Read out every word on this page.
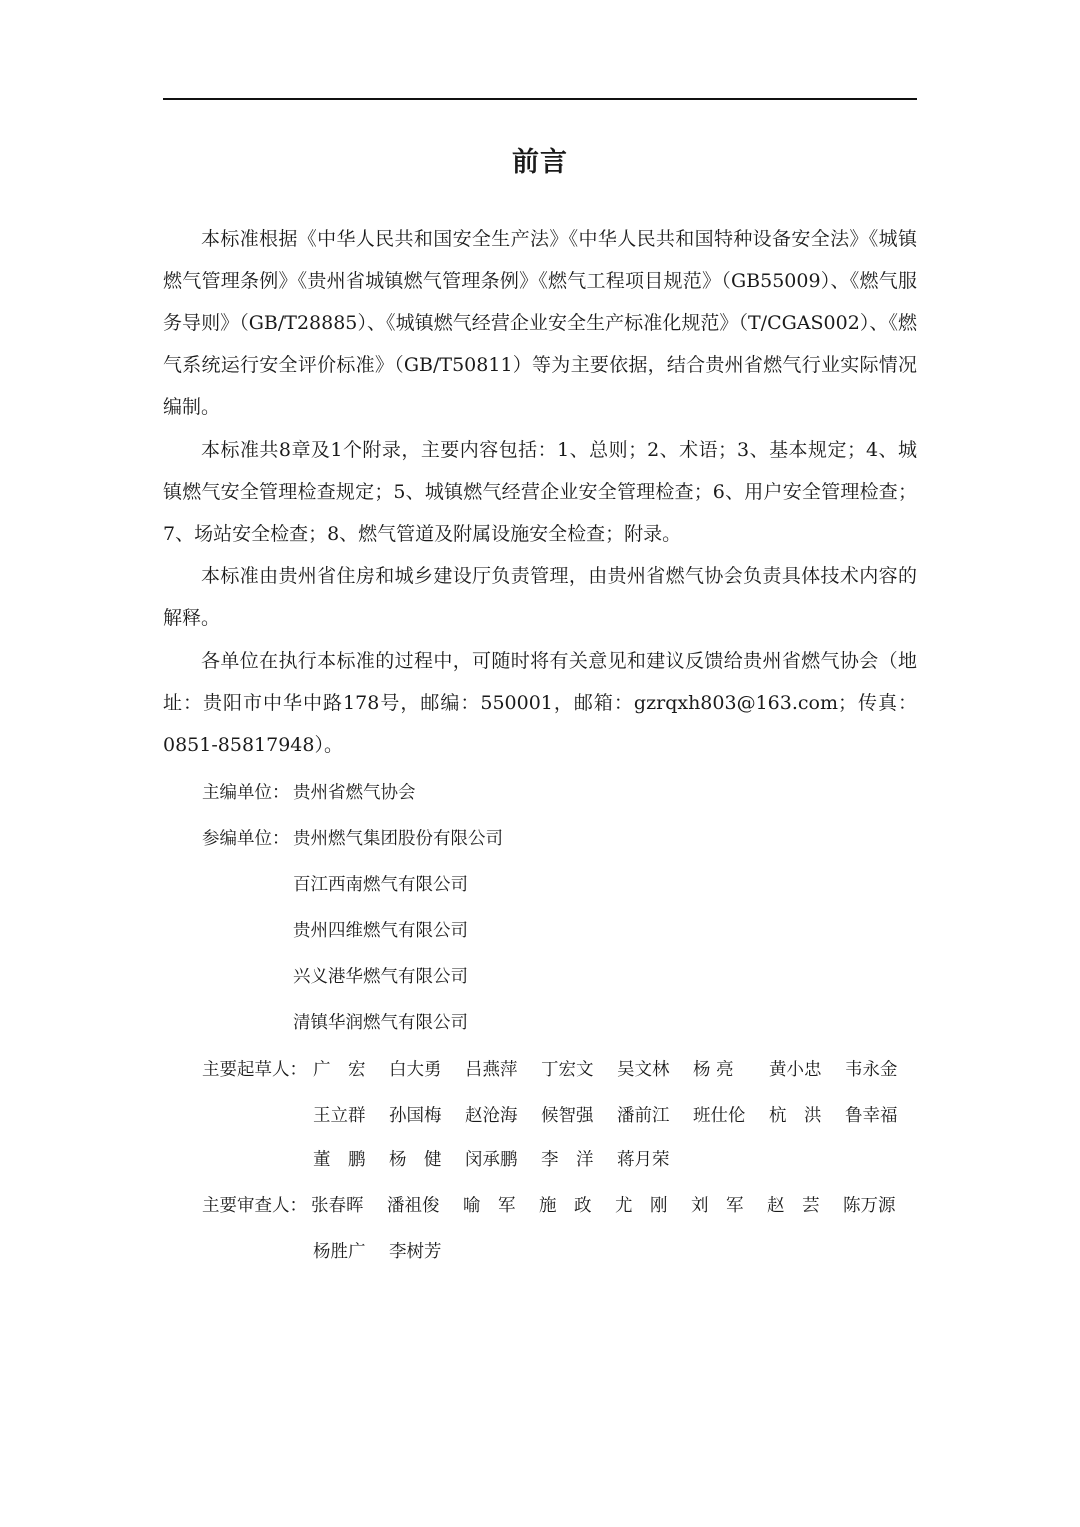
前言

本标准根据《中华人民共和国安全生产法》《中华人民共和国特种设备安全法》《城镇燃气管理条例》《贵州省城镇燃气管理条例》《燃气工程项目规范》（GB55009）、《燃气服务导则》（GB/T28885）、《城镇燃气经营企业安全生产标准化规范》（T/CGAS002）、《燃气系统运行安全评价标准》（GB/T50811）等为主要依据，结合贵州省燃气行业实际情况编制。

本标准共8章及1个附录，主要内容包括：1、总则；2、术语；3、基本规定；4、城镇燃气安全管理检查规定；5、城镇燃气经营企业安全管理检查；6、用户安全管理检查；7、场站安全检查；8、燃气管道及附属设施安全检查；附录。

本标准由贵州省住房和城乡建设厅负责管理，由贵州省燃气协会负责具体技术内容的解释。

各单位在执行本标准的过程中，可随时将有关意见和建议反馈给贵州省燃气协会（地址：贵阳市中华中路178号，邮编：550001，邮箱：gzrqxh803@163.com；传真：0851-85817948）。

主编单位： 贵州省燃气协会
参编单位： 贵州燃气集团股份有限公司
百江西南燃气有限公司
贵州四维燃气有限公司
兴义港华燃气有限公司
清镇华润燃气有限公司
主要起草人： 广　宏	白大勇	吕燕萍	丁宏文	吴文林	杨 亮	黄小忠	韦永金
王立群	孙国梅	赵沧海	候智强	潘前江	班仕伦	杭　洪	鲁幸福
董　鹏	杨　健	闵承鹏	李　洋	蒋月荣
主要审查人： 张春晖	潘祖俊	喻　军	施　政	尤　刚	刘　军	赵　芸	陈万源
杨胜广	李树芳
